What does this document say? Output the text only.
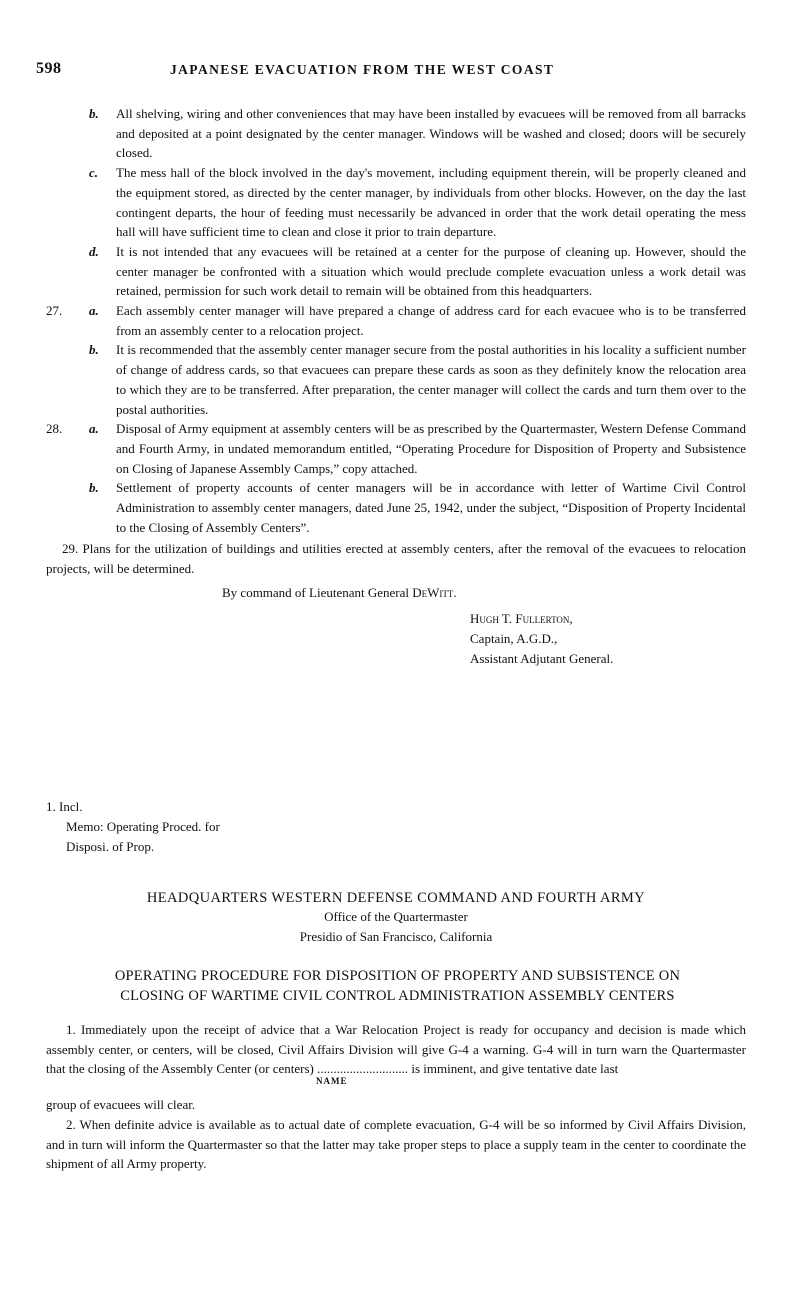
598	JAPANESE EVACUATION FROM THE WEST COAST
b. All shelving, wiring and other conveniences that may have been installed by evacuees will be removed from all barracks and deposited at a point designated by the center manager. Windows will be washed and closed; doors will be securely closed.
c. The mess hall of the block involved in the day's movement, including equipment therein, will be properly cleaned and the equipment stored, as directed by the center manager, by individuals from other blocks. However, on the day the last contingent departs, the hour of feeding must necessarily be advanced in order that the work detail operating the mess hall will have sufficient time to clean and close it prior to train departure.
d. It is not intended that any evacuees will be retained at a center for the purpose of cleaning up. However, should the center manager be confronted with a situation which would preclude complete evacuation unless a work detail was retained, permission for such work detail to remain will be obtained from this headquarters.
27.	a. Each assembly center manager will have prepared a change of address card for each evacuee who is to be transferred from an assembly center to a relocation project.
b. It is recommended that the assembly center manager secure from the postal authorities in his locality a sufficient number of change of address cards, so that evacuees can prepare these cards as soon as they definitely know the relocation area to which they are to be transferred. After preparation, the center manager will collect the cards and turn them over to the postal authorities.
28.	a. Disposal of Army equipment at assembly centers will be as prescribed by the Quartermaster, Western Defense Command and Fourth Army, in undated memorandum entitled, “Operating Procedure for Disposition of Property and Subsistence on Closing of Japanese Assembly Camps,” copy attached.
b. Settlement of property accounts of center managers will be in accordance with letter of Wartime Civil Control Administration to assembly center managers, dated June 25, 1942, under the subject, “Disposition of Property Incidental to the Closing of Assembly Centers”.

29. Plans for the utilization of buildings and utilities erected at assembly centers, after the removal of the evacuees to relocation projects, will be determined.

By command of Lieutenant General DeWitt.

Hugh T. Fullerton,
Captain, A.G.D.,
Assistant Adjutant General.
1. Incl.
Memo: Operating Proced. for
Disposi. of Prop.
HEADQUARTERS WESTERN DEFENSE COMMAND AND FOURTH ARMY
Office of the Quartermaster
Presidio of San Francisco, California
OPERATING PROCEDURE FOR DISPOSITION OF PROPERTY AND SUBSISTENCE ON
CLOSING OF WARTIME CIVIL CONTROL ADMINISTRATION ASSEMBLY CENTERS

1. Immediately upon the receipt of advice that a War Relocation Project is ready for occupancy and decision is made which assembly center, or centers, will be closed, Civil Affairs Division will give G-4 a warning. G-4 will in turn warn the Quartermaster that the closing of the Assembly Center (or centers) ............................ is imminent, and give tentative date last

NAME

group of evacuees will clear.

2. When definite advice is available as to actual date of complete evacuation, G-4 will be so informed by Civil Affairs Division, and in turn will inform the Quartermaster so that the latter may take proper steps to place a supply team in the center to coordinate the shipment of all Army property.
